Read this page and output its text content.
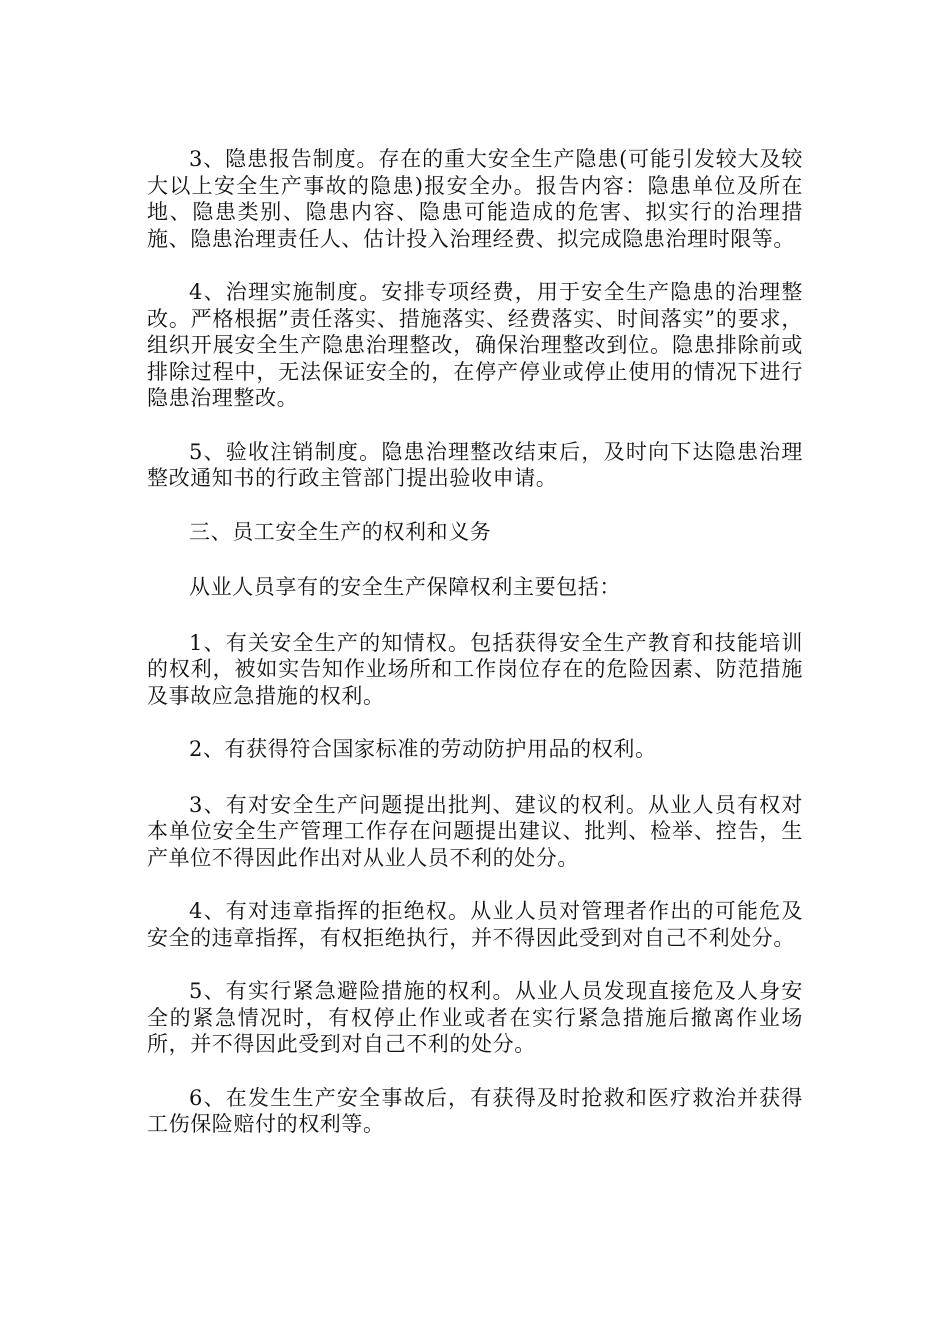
3、隐患报告制度。存在的重大安全生产隐患(可能引发较大及较大以上安全生产事故的隐患)报安全办。报告内容：隐患单位及所在地、隐患类别、隐患内容、隐患可能造成的危害、拟实行的治理措施、隐患治理责任人、估计投入治理经费、拟完成隐患治理时限等。

4、治理实施制度。安排专项经费，用于安全生产隐患的治理整改。严格根据”责任落实、措施落实、经费落实、时间落实”的要求，组织开展安全生产隐患治理整改，确保治理整改到位。隐患排除前或排除过程中，无法保证安全的，在停产停业或停止使用的情况下进行隐患治理整改。

5、验收注销制度。隐患治理整改结束后，及时向下达隐患治理整改通知书的行政主管部门提出验收申请。

三、员工安全生产的权利和义务

从业人员享有的安全生产保障权利主要包括：

1、有关安全生产的知情权。包括获得安全生产教育和技能培训的权利，被如实告知作业场所和工作岗位存在的危险因素、防范措施及事故应急措施的权利。

2、有获得符合国家标准的劳动防护用品的权利。

3、有对安全生产问题提出批判、建议的权利。从业人员有权对本单位安全生产管理工作存在问题提出建议、批判、检举、控告，生产单位不得因此作出对从业人员不利的处分。

4、有对违章指挥的拒绝权。从业人员对管理者作出的可能危及安全的违章指挥，有权拒绝执行，并不得因此受到对自己不利处分。

5、有实行紧急避险措施的权利。从业人员发现直接危及人身安全的紧急情况时，有权停止作业或者在实行紧急措施后撤离作业场所，并不得因此受到对自己不利的处分。

6、在发生生产安全事故后，有获得及时抢救和医疗救治并获得工伤保险赔付的权利等。
